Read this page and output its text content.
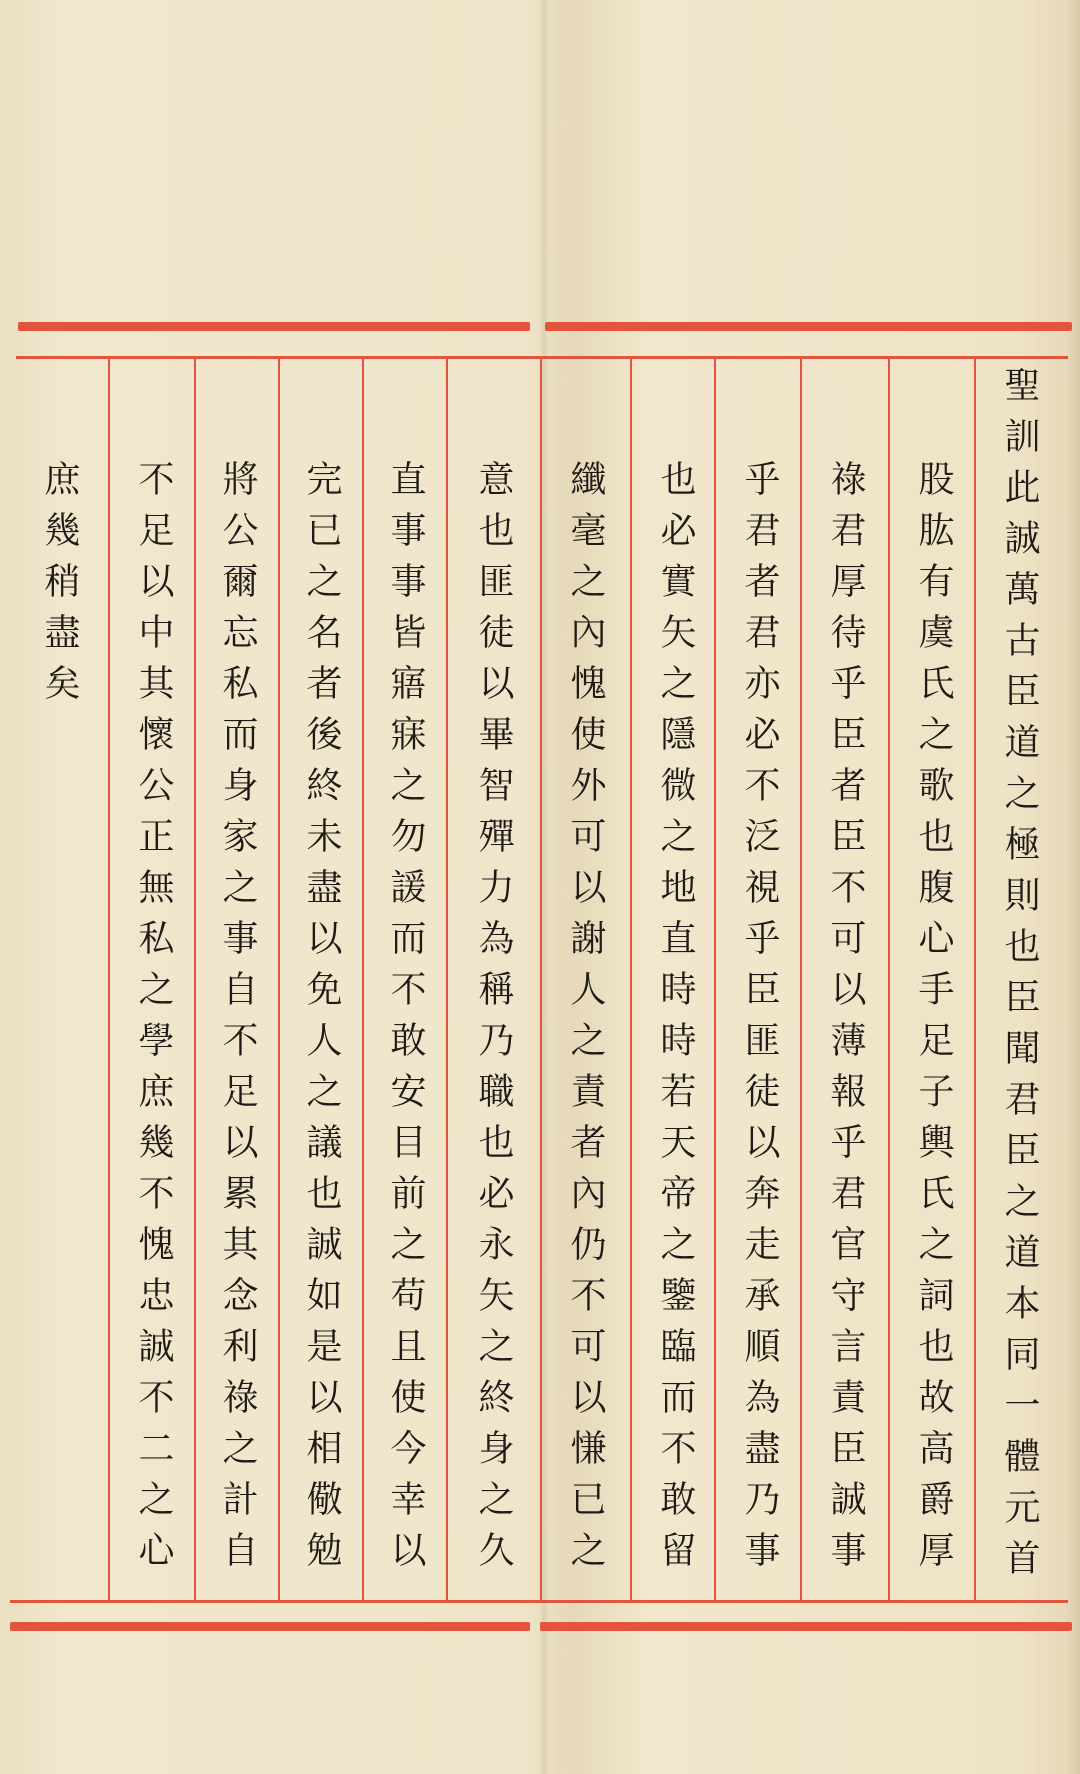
聖訓此誠萬古臣道之極則也臣聞君臣之道本同一體元首
股肱有虞氏之歌也腹心手足子輿氏之詞也故高爵厚
祿君厚待乎臣者臣不可以薄報乎君官守言責臣誠事
乎君者君亦必不泛視乎臣匪徒以奔走承順為盡乃事
也必實矢之隱微之地直時時若天帝之鑒臨而不敢留
纖毫之內愧使外可以謝人之責者內仍不可以慊已之
意也匪徒以畢智殫力為稱乃職也必永矢之終身之久
直事事皆寤寐之勿諼而不敢安目前之苟且使今幸以
完已之名者後終未盡以免人之議也誠如是以相儆勉
將公爾忘私而身家之事自不足以累其念利祿之計自
不足以中其懷公正無私之學庶幾不愧忠誠不二之心
庶幾稍盡矣
